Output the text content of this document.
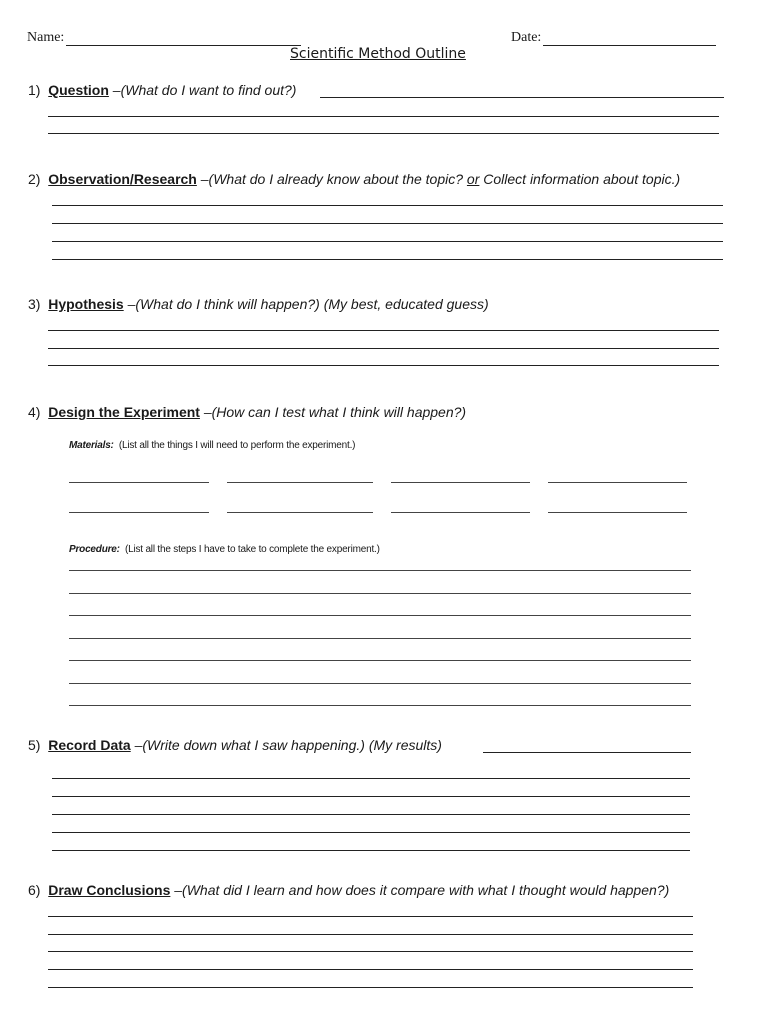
Name:	Date:
Scientific Method Outline
1) Question –(What do I want to find out?)
2) Observation/Research –(What do I already know about the topic? or Collect information about topic.)
3) Hypothesis –(What do I think will happen?) (My best, educated guess)
4) Design the Experiment –(How can I test what I think will happen?)
Materials: (List all the things I will need to perform the experiment.)
Procedure: (List all the steps I have to take to complete the experiment.)
5) Record Data –(Write down what I saw happening.) (My results)
6) Draw Conclusions –(What did I learn and how does it compare with what I thought would happen?)
